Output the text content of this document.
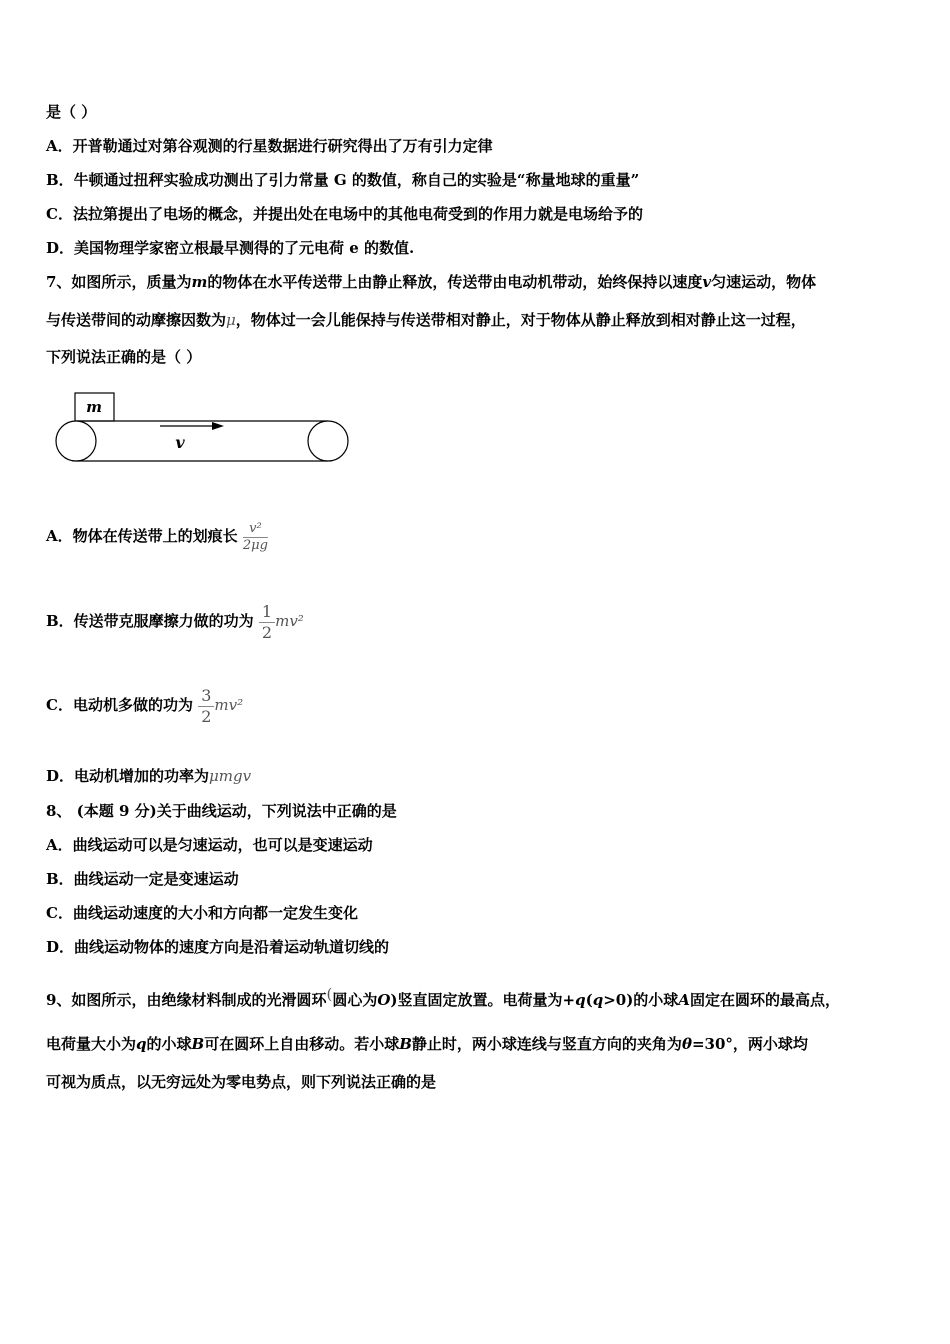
是（ ）
A．开普勒通过对第谷观测的行星数据进行研究得出了万有引力定律
B．牛顿通过扭秤实验成功测出了引力常量 G 的数值，称自己的实验是“称量地球的重量”
C．法拉第提出了电场的概念，并提出处在电场中的其他电荷受到的作用力就是电场给予的
D．美国物理学家密立根最早测得的了元电荷 e 的数值.
7、如图所示，质量为m的物体在水平传送带上由静止释放，传送带由电动机带动，始终保持以速度v匀速运动，物体
与传送带间的动摩擦因数为μ，物体过一会儿能保持与传送带相对静止，对于物体从静止释放到相对静止这一过程，
下列说法正确的是（ ）
m
v
A．物体在传送带上的划痕长 $\frac{\text{v²}}{2\mu g}$
B．传送带克服摩擦力做的功为 $\frac{1}{2} mv^2$
C．电动机多做的功为 $\frac{3}{2} mv^2$
D．电动机增加的功率为μmgv
8、 (本题 9 分)关于曲线运动，下列说法中正确的是
A．曲线运动可以是匀速运动，也可以是变速运动
B．曲线运动一定是变速运动
C．曲线运动速度的大小和方向都一定发生变化
D．曲线运动物体的速度方向是沿着运动轨道切线的
9、如图所示，由绝缘材料制成的光滑圆环(圆心为O)竖直固定放置。电荷量为+q(q>0)的小球A固定在圆环的最高点，
电荷量大小为q的小球B可在圆环上自由移动。若小球B静止时，两小球连线与竖直方向的夹角为θ=30°，两小球均
可视为质点，以无穷远处为零电势点，则下列说法正确的是
